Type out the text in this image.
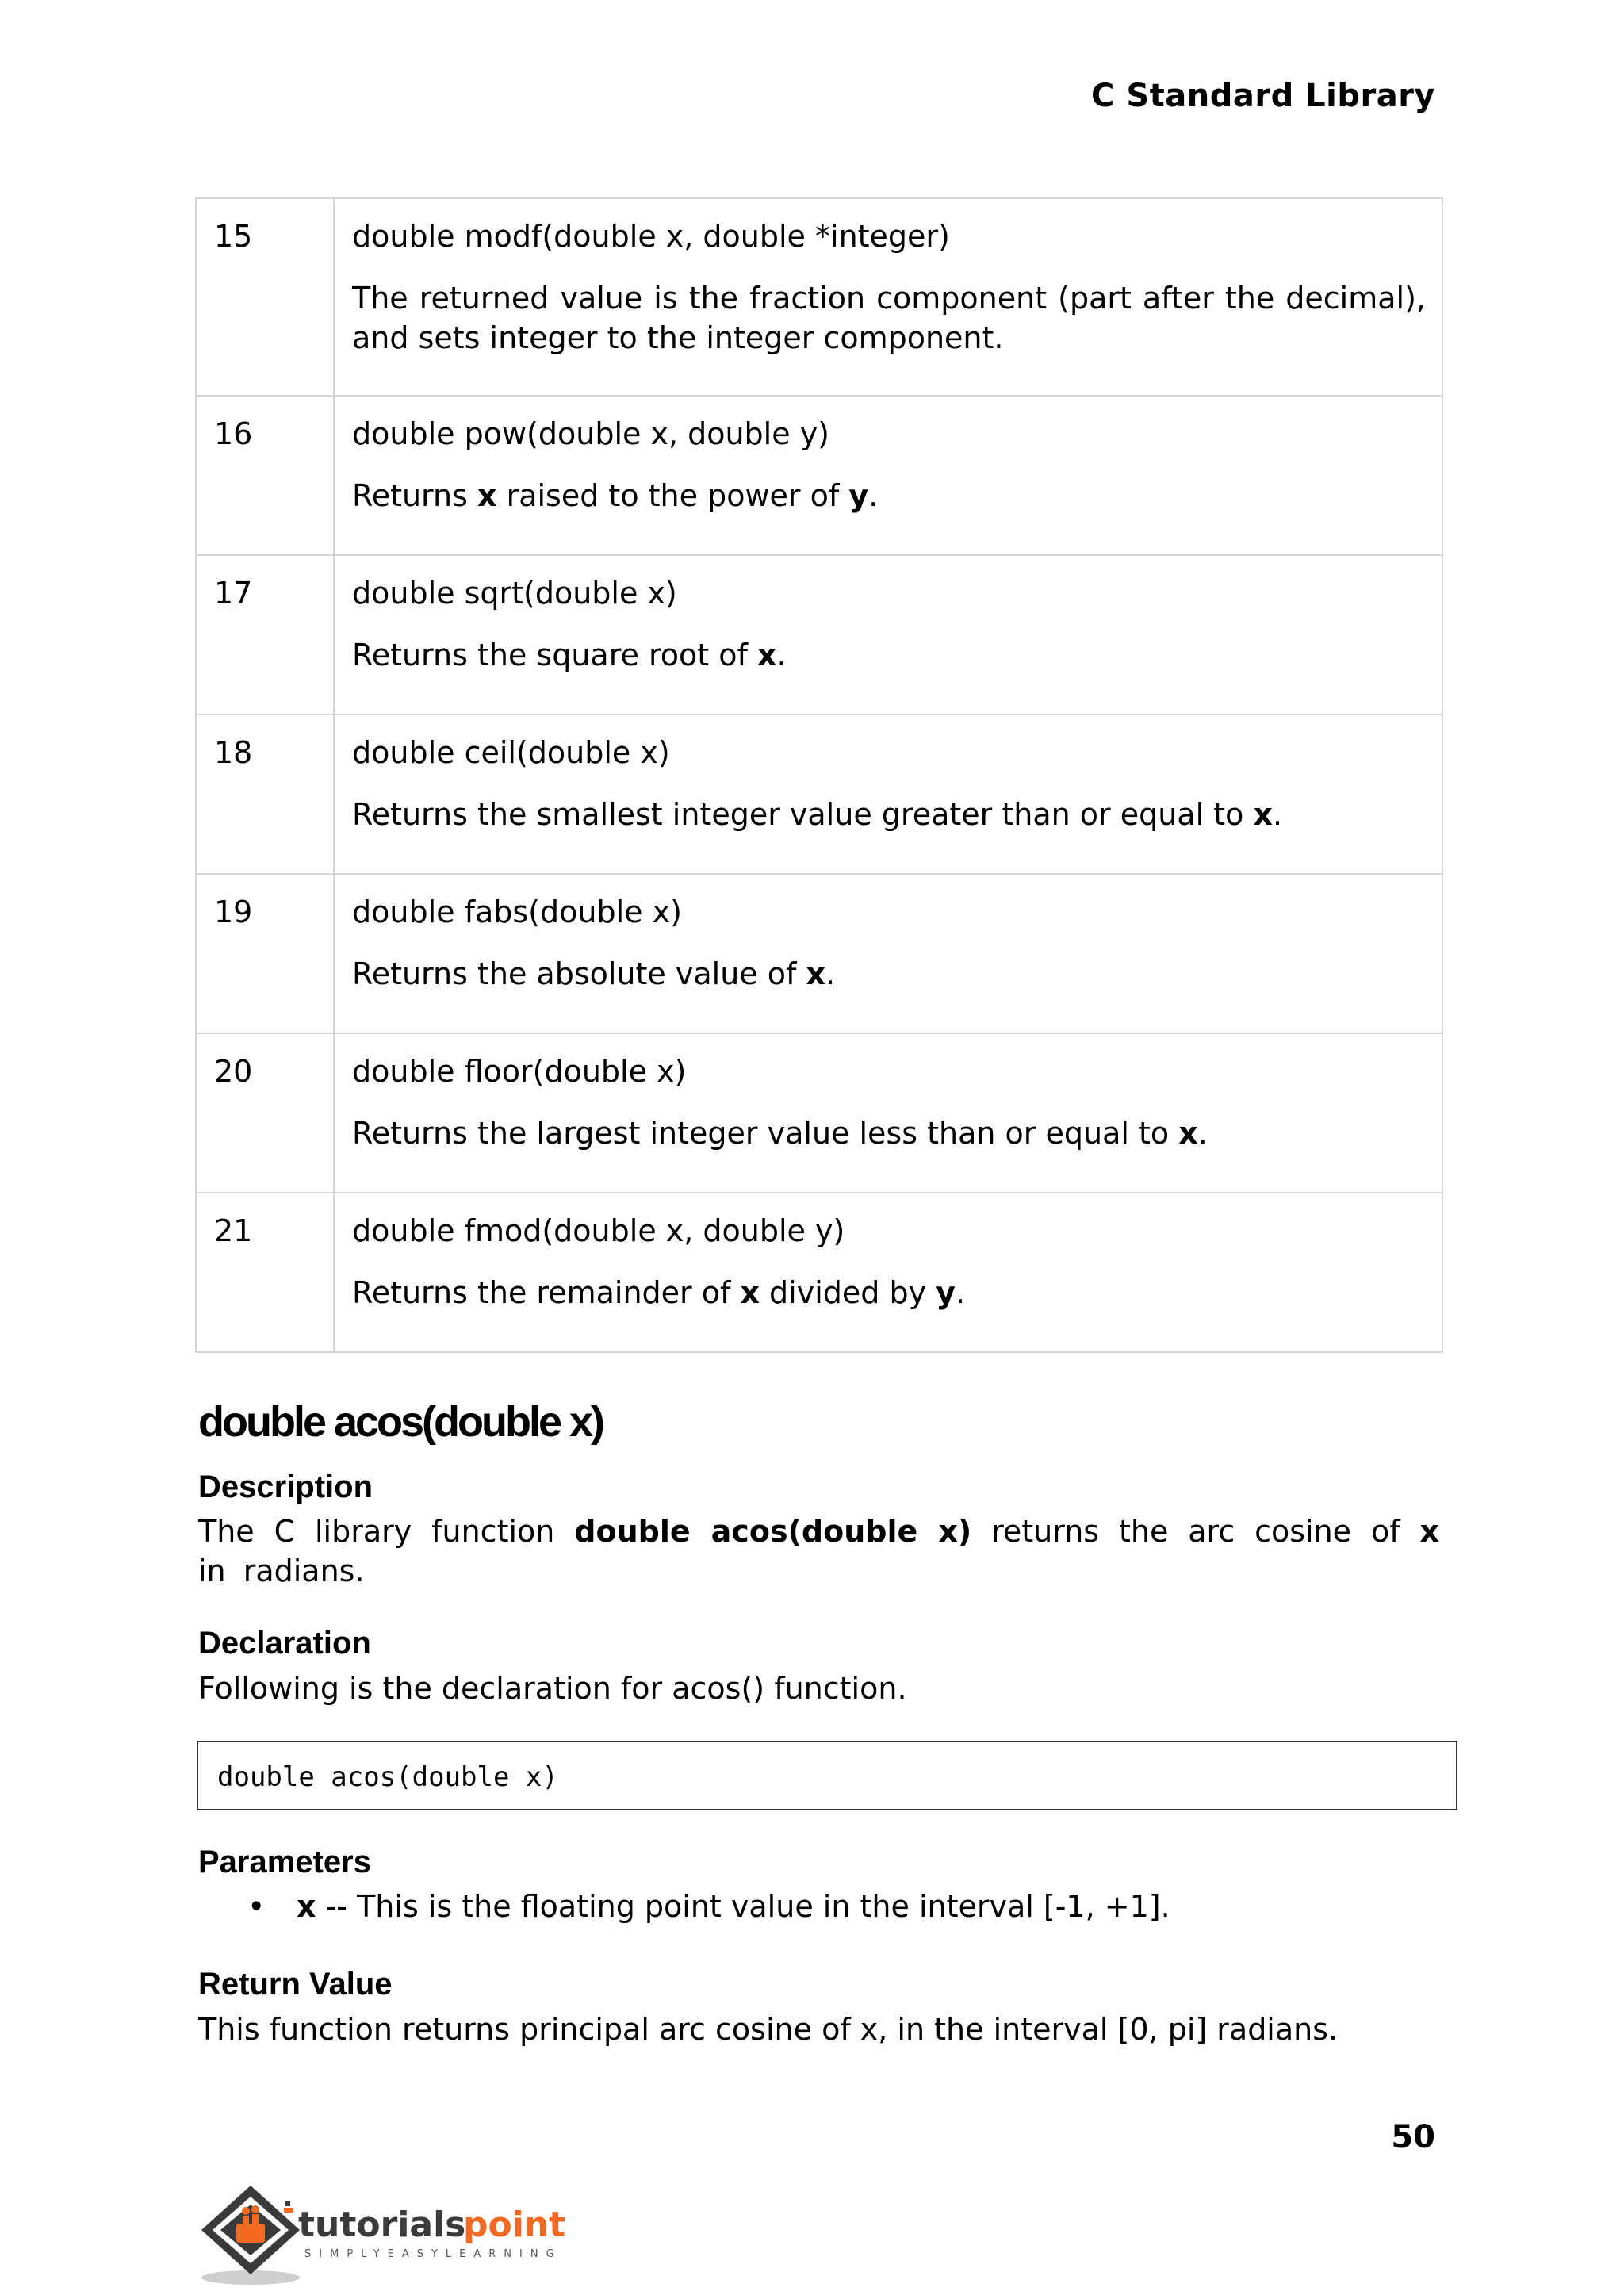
C Standard Library
15	double modf(double x, double *integer)
The returned value is the fraction component (part after the decimal), and sets integer to the integer component.

16	double pow(double x, double y)
Returns x raised to the power of y.

17	double sqrt(double x)
Returns the square root of x.

18	double ceil(double x)
Returns the smallest integer value greater than or equal to x.

19	double fabs(double x)
Returns the absolute value of x.

20	double floor(double x)
Returns the largest integer value less than or equal to x.

21	double fmod(double x, double y)
Returns the remainder of x divided by y.
double acos(double x)
Description
The C library function double acos(double x) returns the arc cosine of x in radians.
Declaration
Following is the declaration for acos() function.
double acos(double x)
Parameters
• x -- This is the floating point value in the interval [-1, +1].
Return Value
This function returns principal arc cosine of x, in the interval [0, pi] radians.
50
tutorials
point
SIMPLYEASYLEARNING
